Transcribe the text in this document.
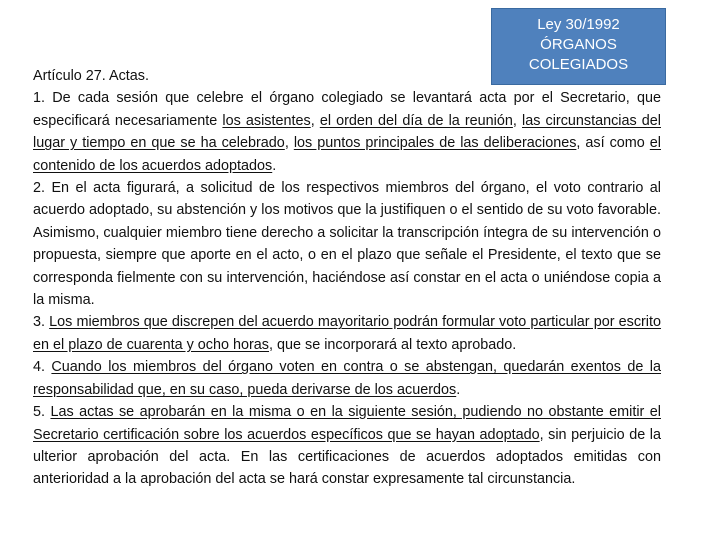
Ley 30/1992
ÓRGANOS
COLEGIADOS

Artículo 27. Actas.

1. De cada sesión que celebre el órgano colegiado se levantará acta por el Secretario, que especificará necesariamente los asistentes, el orden del día de la reunión, las circunstancias del lugar y tiempo en que se ha celebrado, los puntos principales de las deliberaciones, así como el contenido de los acuerdos adoptados.

2. En el acta figurará, a solicitud de los respectivos miembros del órgano, el voto contrario al acuerdo adoptado, su abstención y los motivos que la justifiquen o el sentido de su voto favorable. Asimismo, cualquier miembro tiene derecho a solicitar la transcripción íntegra de su intervención o propuesta, siempre que aporte en el acto, o en el plazo que señale el Presidente, el texto que se corresponda fielmente con su intervención, haciéndose así constar en el acta o uniéndose copia a la misma.

3. Los miembros que discrepen del acuerdo mayoritario podrán formular voto particular por escrito en el plazo de cuarenta y ocho horas, que se incorporará al texto aprobado.

4. Cuando los miembros del órgano voten en contra o se abstengan, quedarán exentos de la responsabilidad que, en su caso, pueda derivarse de los acuerdos.

5. Las actas se aprobarán en la misma o en la siguiente sesión, pudiendo no obstante emitir el Secretario certificación sobre los acuerdos específicos que se hayan adoptado, sin perjuicio de la ulterior aprobación del acta. En las certificaciones de acuerdos adoptados emitidas con anterioridad a la aprobación del acta se hará constar expresamente tal circunstancia.
